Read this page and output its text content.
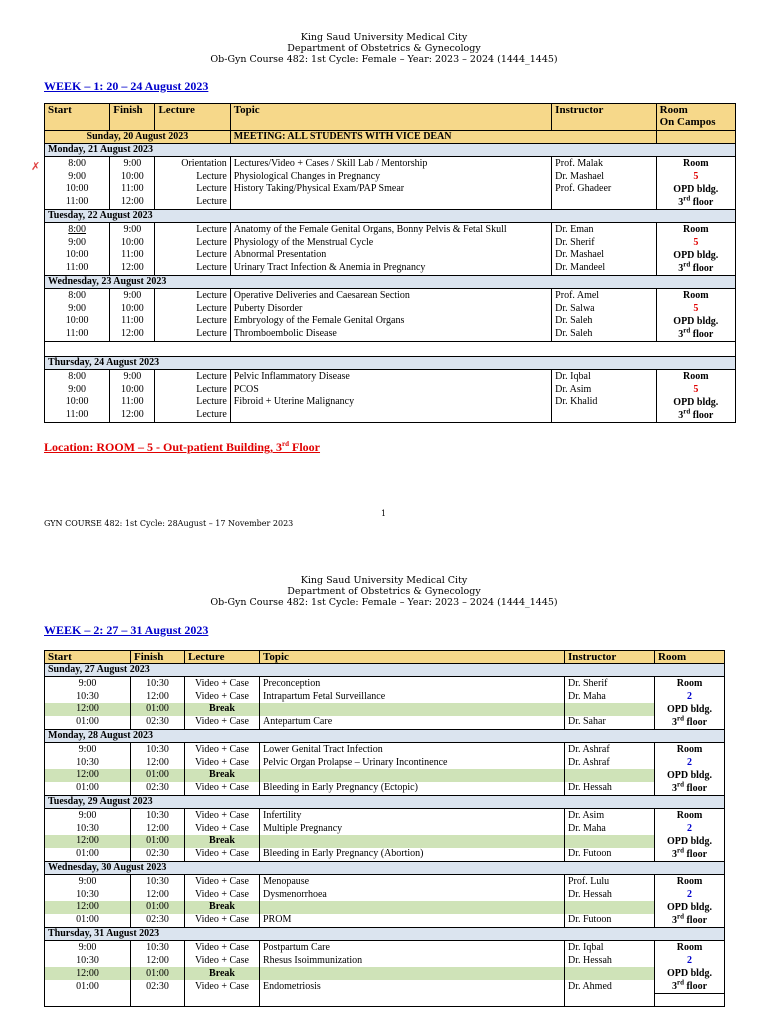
King Saud University Medical City
Department of Obstetrics & Gynecology
Ob-Gyn Course 482: 1st Cycle: Female – Year: 2023 – 2024 (1444_1445)
WEEK – 1: 20 – 24 August 2023
✗
Start	Finish	Lecture	Topic	Instructor	Room
On Campos

Sunday, 20 August 2023			MEETING: ALL STUDENTS WITH VICE DEAN		
Monday, 21 August 2023					
8:00	9:00	Orientation	Lectures/Video + Cases / Skill Lab / Mentorship	Prof. Malak	Room
5
OPD bldg.
3rd floor

9:00	10:00	Lecture	Physiological Changes in Pregnancy	Dr. Mashael	
10:00	11:00	Lecture	History Taking/Physical Exam/PAP Smear	Prof. Ghadeer	
11:00	12:00	Lecture			
Tuesday, 22 August 2023					
8:00	9:00	Lecture	Anatomy of the Female Genital Organs, Bonny Pelvis & Fetal Skull	Dr. Eman	Room
5
OPD bldg.
3rd floor

9:00	10:00	Lecture	Physiology of the Menstrual Cycle	Dr. Sherif	
10:00	11:00	Lecture	Abnormal Presentation	Dr. Mashael	
11:00	12:00	Lecture	Urinary Tract Infection & Anemia in Pregnancy	Dr. Mandeel	
Wednesday, 23 August 2023					
8:00	9:00	Lecture	Operative Deliveries and Caesarean Section	Prof. Amel	Room
5
OPD bldg.
3rd floor

9:00	10:00	Lecture	Puberty Disorder	Dr. Salwa	
10:00	11:00	Lecture	Embryology of the Female Genital Organs	Dr. Saleh	
11:00	12:00	Lecture	Thromboembolic Disease	Dr. Saleh	

Thursday, 24 August 2023					
8:00	9:00	Lecture	Pelvic Inflammatory Disease	Dr. Iqbal	Room
5
OPD bldg.
3rd floor

9:00	10:00	Lecture	PCOS	Dr. Asim	
10:00	11:00	Lecture	Fibroid + Uterine Malignancy	Dr. Khalid	
11:00	12:00	Lecture			
Location: ROOM – 5 - Out-patient Building, 3rd Floor
1
GYN COURSE 482: 1st Cycle: 28August – 17 November 2023
King Saud University Medical City
Department of Obstetrics & Gynecology
Ob-Gyn Course 482: 1st Cycle: Female – Year: 2023 – 2024 (1444_1445)
WEEK – 2: 27 – 31 August 2023
Start	Finish	Lecture	Topic	Instructor	Room
Sunday, 27 August 2023					
9:00	10:30	Video + Case	Preconception	Dr. Sherif	Room
2
OPD bldg.
3rd floor

10:30	12:00	Video + Case	Intrapartum Fetal Surveillance	Dr. Maha	
12:00	01:00	Break			
01:00	02:30	Video + Case	Antepartum Care	Dr. Sahar	
Monday, 28 August 2023					
9:00	10:30	Video + Case	Lower Genital Tract Infection	Dr. Ashraf	Room
2
OPD bldg.
3rd floor

10:30	12:00	Video + Case	Pelvic Organ Prolapse – Urinary Incontinence	Dr. Ashraf	
12:00	01:00	Break			
01:00	02:30	Video + Case	Bleeding in Early Pregnancy (Ectopic)	Dr. Hessah	
Tuesday, 29 August 2023					
9:00	10:30	Video + Case	Infertility	Dr. Asim	Room
2
OPD bldg.
3rd floor

10:30	12:00	Video + Case	Multiple Pregnancy	Dr. Maha	
12:00	01:00	Break			
01:00	02:30	Video + Case	Bleeding in Early Pregnancy (Abortion)	Dr. Futoon	
Wednesday, 30 August 2023					
9:00	10:30	Video + Case	Menopause	Prof. Lulu	Room
2
OPD bldg.
3rd floor

10:30	12:00	Video + Case	Dysmenorrhoea	Dr. Hessah	
12:00	01:00	Break			
01:00	02:30	Video + Case	PROM	Dr. Futoon	
Thursday, 31 August 2023					
9:00	10:30	Video + Case	Postpartum Care	Dr. Iqbal	Room
2
OPD bldg.
3rd floor

10:30	12:00	Video + Case	Rhesus Isoimmunization	Dr. Hessah	
12:00	01:00	Break			
01:00	02:30	Video + Case	Endometriosis	Dr. Ahmed	
